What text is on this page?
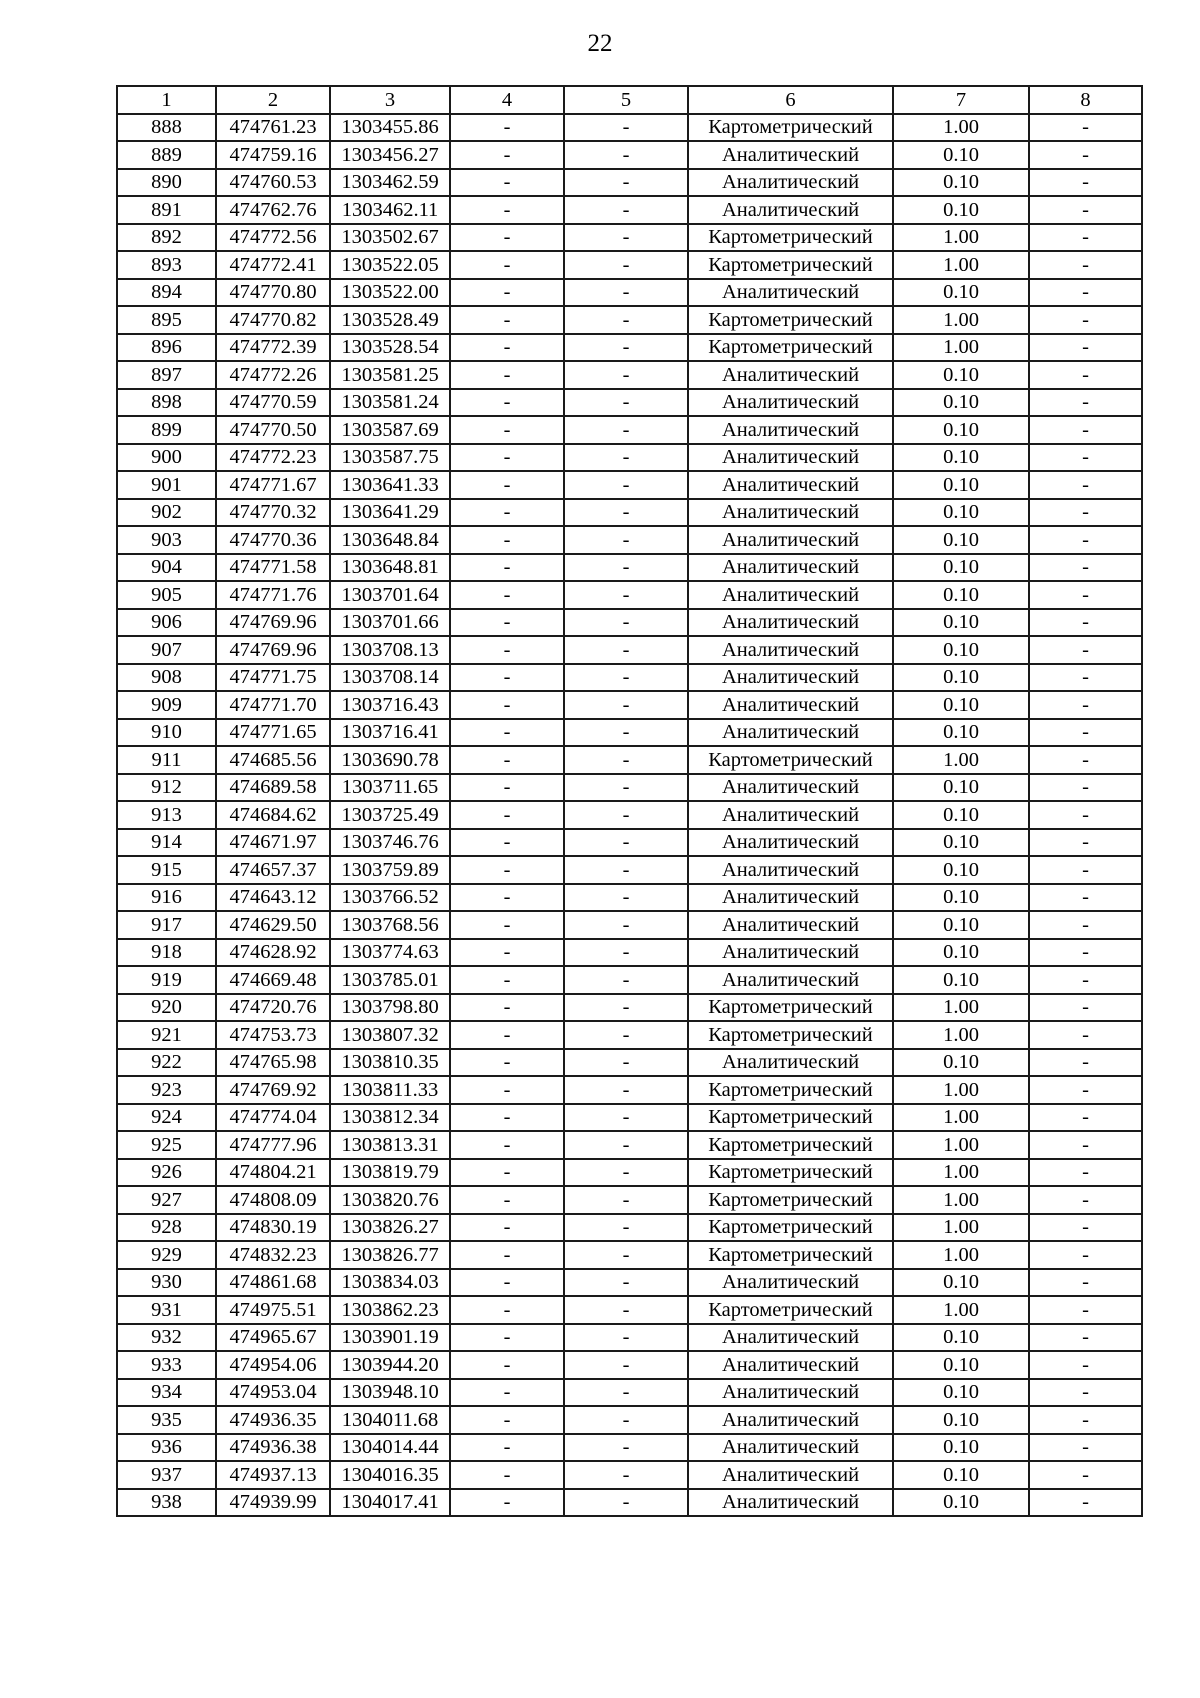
22
1	2	3	4	5	6	7	8
888	474761.23	1303455.86	-	-	Картометрический	1.00	-
889	474759.16	1303456.27	-	-	Аналитический	0.10	-
890	474760.53	1303462.59	-	-	Аналитический	0.10	-
891	474762.76	1303462.11	-	-	Аналитический	0.10	-
892	474772.56	1303502.67	-	-	Картометрический	1.00	-
893	474772.41	1303522.05	-	-	Картометрический	1.00	-
894	474770.80	1303522.00	-	-	Аналитический	0.10	-
895	474770.82	1303528.49	-	-	Картометрический	1.00	-
896	474772.39	1303528.54	-	-	Картометрический	1.00	-
897	474772.26	1303581.25	-	-	Аналитический	0.10	-
898	474770.59	1303581.24	-	-	Аналитический	0.10	-
899	474770.50	1303587.69	-	-	Аналитический	0.10	-
900	474772.23	1303587.75	-	-	Аналитический	0.10	-
901	474771.67	1303641.33	-	-	Аналитический	0.10	-
902	474770.32	1303641.29	-	-	Аналитический	0.10	-
903	474770.36	1303648.84	-	-	Аналитический	0.10	-
904	474771.58	1303648.81	-	-	Аналитический	0.10	-
905	474771.76	1303701.64	-	-	Аналитический	0.10	-
906	474769.96	1303701.66	-	-	Аналитический	0.10	-
907	474769.96	1303708.13	-	-	Аналитический	0.10	-
908	474771.75	1303708.14	-	-	Аналитический	0.10	-
909	474771.70	1303716.43	-	-	Аналитический	0.10	-
910	474771.65	1303716.41	-	-	Аналитический	0.10	-
911	474685.56	1303690.78	-	-	Картометрический	1.00	-
912	474689.58	1303711.65	-	-	Аналитический	0.10	-
913	474684.62	1303725.49	-	-	Аналитический	0.10	-
914	474671.97	1303746.76	-	-	Аналитический	0.10	-
915	474657.37	1303759.89	-	-	Аналитический	0.10	-
916	474643.12	1303766.52	-	-	Аналитический	0.10	-
917	474629.50	1303768.56	-	-	Аналитический	0.10	-
918	474628.92	1303774.63	-	-	Аналитический	0.10	-
919	474669.48	1303785.01	-	-	Аналитический	0.10	-
920	474720.76	1303798.80	-	-	Картометрический	1.00	-
921	474753.73	1303807.32	-	-	Картометрический	1.00	-
922	474765.98	1303810.35	-	-	Аналитический	0.10	-
923	474769.92	1303811.33	-	-	Картометрический	1.00	-
924	474774.04	1303812.34	-	-	Картометрический	1.00	-
925	474777.96	1303813.31	-	-	Картометрический	1.00	-
926	474804.21	1303819.79	-	-	Картометрический	1.00	-
927	474808.09	1303820.76	-	-	Картометрический	1.00	-
928	474830.19	1303826.27	-	-	Картометрический	1.00	-
929	474832.23	1303826.77	-	-	Картометрический	1.00	-
930	474861.68	1303834.03	-	-	Аналитический	0.10	-
931	474975.51	1303862.23	-	-	Картометрический	1.00	-
932	474965.67	1303901.19	-	-	Аналитический	0.10	-
933	474954.06	1303944.20	-	-	Аналитический	0.10	-
934	474953.04	1303948.10	-	-	Аналитический	0.10	-
935	474936.35	1304011.68	-	-	Аналитический	0.10	-
936	474936.38	1304014.44	-	-	Аналитический	0.10	-
937	474937.13	1304016.35	-	-	Аналитический	0.10	-
938	474939.99	1304017.41	-	-	Аналитический	0.10	-
